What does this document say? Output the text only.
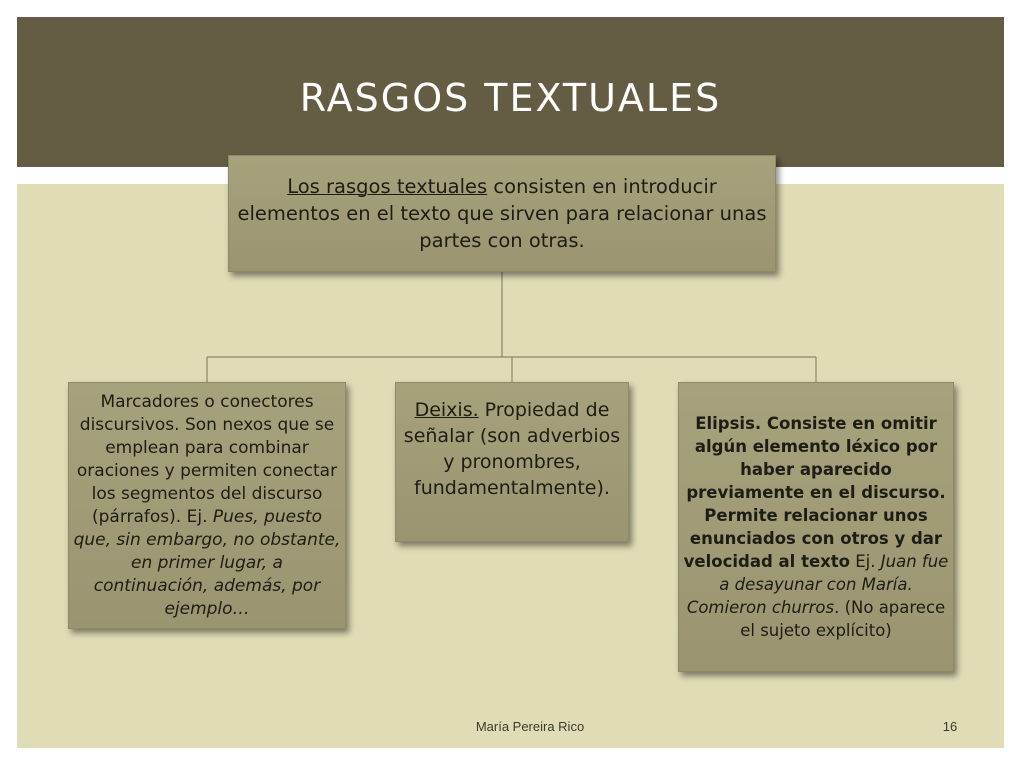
RASGOS TEXTUALES
Los rasgos textuales consisten en introducir elementos en el texto que sirven para relacionar unas partes con otras.
Marcadores o conectores discursivos. Son nexos que se emplean para combinar oraciones y permiten conectar los segmentos del discurso (párrafos). Ej. Pues, puesto que, sin embargo, no obstante, en primer lugar, a continuación, además, por ejemplo…
Deixis. Propiedad de señalar (son adverbios y pronombres, fundamentalmente).
Elipsis. Consiste en omitir algún elemento léxico por haber aparecido previamente en el discurso. Permite relacionar unos enunciados con otros y dar velocidad al texto Ej. Juan fue a desayunar con María. Comieron churros. (No aparece el sujeto explícito)
María Pereira Rico	16
